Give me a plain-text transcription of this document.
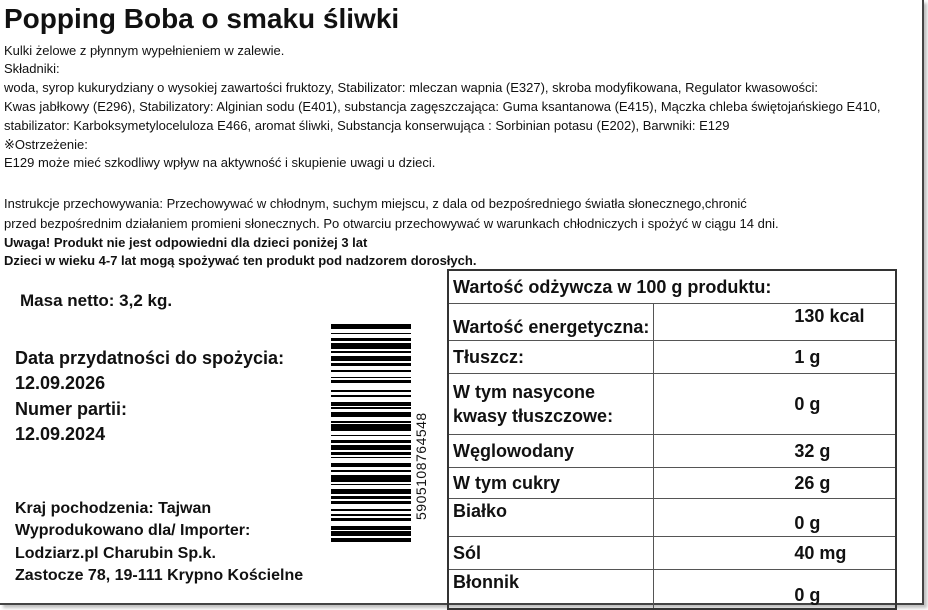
Popping Boba o smaku śliwki
Kulki żelowe z płynnym wypełnieniem w zalewie.
Składniki:
woda, syrop kukurydziany o wysokiej zawartości fruktozy, Stabilizator: mleczan wapnia (E327), skroba modyfikowana, Regulator kwasowości:
Kwas jabłkowy (E296), Stabilizatory: Alginian sodu (E401), substancja zagęszczająca: Guma ksantanowa (E415), Mączka chleba świętojańskiego E410,
stabilizator: Karboksymetyloceluloza E466, aromat śliwki, Substancja konserwująca : Sorbinian potasu (E202), Barwniki: E129
※Ostrzeżenie:
E129 może mieć szkodliwy wpływ na aktywność i skupienie uwagi u dzieci.
Instrukcje przechowywania: Przechowywać w chłodnym, suchym miejscu, z dala od bezpośredniego światła słonecznego,chronić
przed bezpośrednim działaniem promieni słonecznych. Po otwarciu przechowywać w warunkach chłodniczych i spożyć w ciągu 14 dni.
Uwaga! Produkt nie jest odpowiedni dla dzieci poniżej 3 lat
Dzieci w wieku 4-7 lat mogą spożywać ten produkt pod nadzorem dorosłych.
Masa netto: 3,2 kg.
Data przydatności do spożycia:
12.09.2026
Numer partii:
12.09.2024
Kraj pochodzenia: Tajwan
Wyprodukowano dla/ Importer:
Lodziarz.pl Charubin Sp.k.
Zastocze 78, 19-111 Krypno Kościelne
5905108764548
Wartość odżywcza w 100 g produktu:	
Wartość energetyczna:	130 kcal
Tłuszcz:	1 g
W tym nasycone kwasy tłuszczowe:	0 g
Węglowodany	32 g
W tym cukry	26 g
Białko	0 g
Sól	40 mg
Błonnik	0 g
